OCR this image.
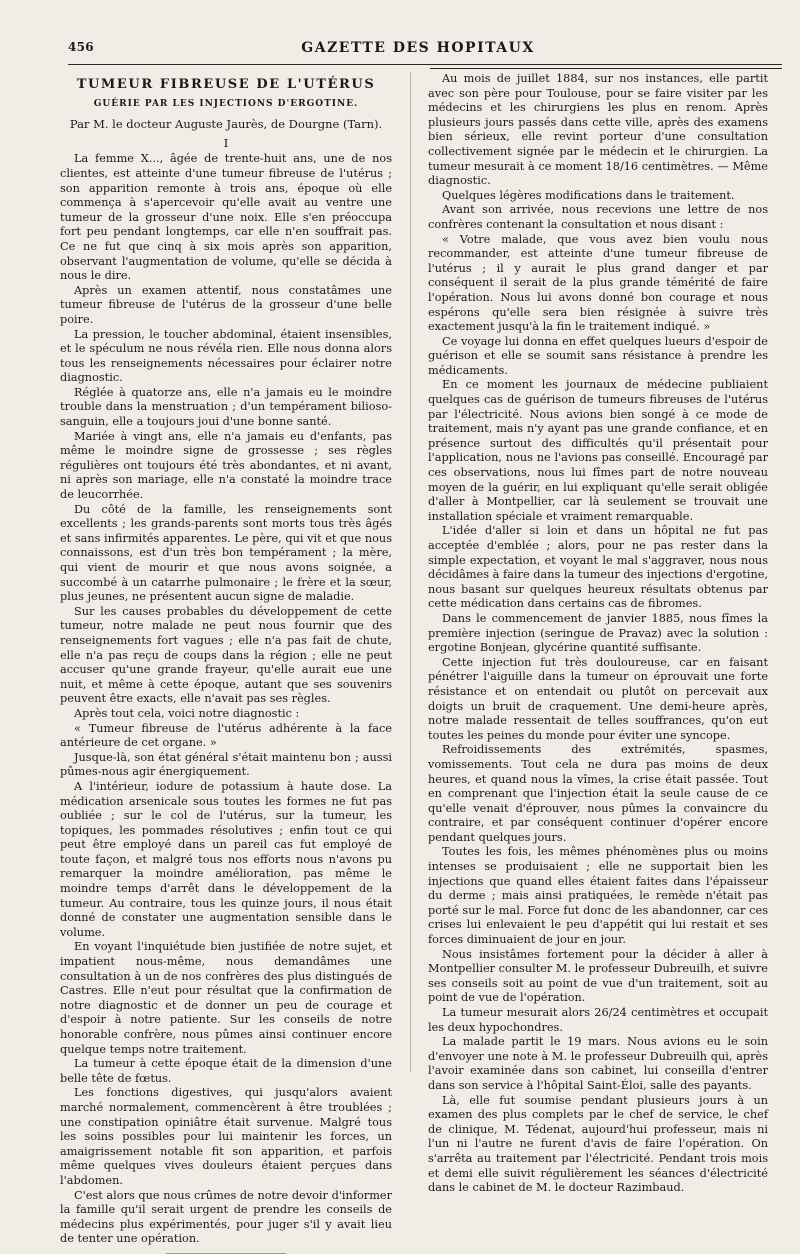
456	GAZETTE DES HOPITAUX
TUMEUR FIBREUSE DE L'UTÉRUS
GUÉRIE PAR LES INJECTIONS D'ERGOTINE.
Par M. le docteur Auguste Jaurès, de Dourgne (Tarn).
I

La femme X..., âgée de trente-huit ans, une de nos clientes, est atteinte d'une tumeur fibreuse de l'utérus ; son apparition remonte à trois ans, époque où elle commença à s'apercevoir qu'elle avait au ventre une tumeur de la grosseur d'une noix. Elle s'en préoccupa fort peu pendant longtemps, car elle n'en souffrait pas. Ce ne fut que cinq à six mois après son apparition, observant l'augmentation de volume, qu'elle se décida à nous le dire.

Après un examen attentif, nous constatâmes une tumeur fibreuse de l'utérus de la grosseur d'une belle poire.

La pression, le toucher abdominal, étaient insensibles, et le spéculum ne nous révéla rien. Elle nous donna alors tous les renseignements nécessaires pour éclairer notre diagnostic.

Réglée à quatorze ans, elle n'a jamais eu le moindre trouble dans la menstruation ; d'un tempérament bilioso-sanguin, elle a toujours joui d'une bonne santé.

Mariée à vingt ans, elle n'a jamais eu d'enfants, pas même le moindre signe de grossesse ; ses règles régulières ont toujours été très abondantes, et ni avant, ni après son mariage, elle n'a constaté la moindre trace de leucorrhée.

Du côté de la famille, les renseignements sont excellents ; les grands-parents sont morts tous très âgés et sans infirmités apparentes. Le père, qui vit et que nous connaissons, est d'un très bon tempérament ; la mère, qui vient de mourir et que nous avons soignée, a succombé à un catarrhe pulmonaire ; le frère et la sœur, plus jeunes, ne présentent aucun signe de maladie.

Sur les causes probables du développement de cette tumeur, notre malade ne peut nous fournir que des renseignements fort vagues ; elle n'a pas fait de chute, elle n'a pas reçu de coups dans la région ; elle ne peut accuser qu'une grande frayeur, qu'elle aurait eue une nuit, et même à cette époque, autant que ses souvenirs peuvent être exacts, elle n'avait pas ses règles.

Après tout cela, voici notre diagnostic :

« Tumeur fibreuse de l'utérus adhérente à la face antérieure de cet organe. »

Jusque-là, son état général s'était maintenu bon ; aussi pûmes-nous agir énergiquement.

A l'intérieur, iodure de potassium à haute dose. La médication arsenicale sous toutes les formes ne fut pas oubliée ; sur le col de l'utérus, sur la tumeur, les topiques, les pommades résolutives ; enfin tout ce qui peut être employé dans un pareil cas fut employé de toute façon, et malgré tous nos efforts nous n'avons pu remarquer la moindre amélioration, pas même le moindre temps d'arrêt dans le développement de la tumeur. Au contraire, tous les quinze jours, il nous était donné de constater une augmentation sensible dans le volume.

En voyant l'inquiétude bien justifiée de notre sujet, et impatient nous-même, nous demandâmes une consultation à un de nos confrères des plus distingués de Castres. Elle n'eut pour résultat que la confirmation de notre diagnostic et de donner un peu de courage et d'espoir à notre patiente. Sur les conseils de notre honorable confrère, nous pûmes ainsi continuer encore quelque temps notre traitement.

La tumeur à cette époque était de la dimension d'une belle tête de fœtus.

Les fonctions digestives, qui jusqu'alors avaient marché normalement, commencèrent à être troublées ; une constipation opiniâtre était survenue. Malgré tous les soins possibles pour lui maintenir les forces, un amaigrissement notable fit son apparition, et parfois même quelques vives douleurs étaient perçues dans l'abdomen.

C'est alors que nous crûmes de notre devoir d'informer la famille qu'il serait urgent de prendre les conseils de médecins plus expérimentés, pour juger s'il y avait lieu de tenter une opération.

Au mois de juillet 1884, sur nos instances, elle partit avec son père pour Toulouse, pour se faire visiter par les médecins et les chirurgiens les plus en renom. Après plusieurs jours passés dans cette ville, après des examens bien sérieux, elle revint porteur d'une consultation collectivement signée par le médecin et le chirurgien. La tumeur mesurait à ce moment 18/16 centimètres. — Même diagnostic.

Quelques légères modifications dans le traitement.

Avant son arrivée, nous recevions une lettre de nos confrères contenant la consultation et nous disant :

« Votre malade, que vous avez bien voulu nous recommander, est atteinte d'une tumeur fibreuse de l'utérus ; il y aurait le plus grand danger et par conséquent il serait de la plus grande témérité de faire l'opération. Nous lui avons donné bon courage et nous espérons qu'elle sera bien résignée à suivre très exactement jusqu'à la fin le traitement indiqué. »

Ce voyage lui donna en effet quelques lueurs d'espoir de guérison et elle se soumit sans résistance à prendre les médicaments.

En ce moment les journaux de médecine publiaient quelques cas de guérison de tumeurs fibreuses de l'utérus par l'électricité. Nous avions bien songé à ce mode de traitement, mais n'y ayant pas une grande confiance, et en présence surtout des difficultés qu'il présentait pour l'application, nous ne l'avions pas conseillé. Encouragé par ces observations, nous lui fîmes part de notre nouveau moyen de la guérir, en lui expliquant qu'elle serait obligée d'aller à Montpellier, car là seulement se trouvait une installation spéciale et vraiment remarquable.

L'idée d'aller si loin et dans un hôpital ne fut pas acceptée d'emblée ; alors, pour ne pas rester dans la simple expectation, et voyant le mal s'aggraver, nous nous décidâmes à faire dans la tumeur des injections d'ergotine, nous basant sur quelques heureux résultats obtenus par cette médication dans certains cas de fibromes.

Dans le commencement de janvier 1885, nous fîmes la première injection (seringue de Pravaz) avec la solution : ergotine Bonjean, glycérine quantité suffisante.

Cette injection fut très douloureuse, car en faisant pénétrer l'aiguille dans la tumeur on éprouvait une forte résistance et on entendait ou plutôt on percevait aux doigts un bruit de craquement. Une demi-heure après, notre malade ressentait de telles souffrances, qu'on eut toutes les peines du monde pour éviter une syncope.

Refroidissements des extrémités, spasmes, vomissements. Tout cela ne dura pas moins de deux heures, et quand nous la vîmes, la crise était passée. Tout en comprenant que l'injection était la seule cause de ce qu'elle venait d'éprouver, nous pûmes la convaincre du contraire, et par conséquent continuer d'opérer encore pendant quelques jours.

Toutes les fois, les mêmes phénomènes plus ou moins intenses se produisaient ; elle ne supportait bien les injections que quand elles étaient faites dans l'épaisseur du derme ; mais ainsi pratiquées, le remède n'était pas porté sur le mal. Force fut donc de les abandonner, car ces crises lui enlevaient le peu d'appétit qui lui restait et ses forces diminuaient de jour en jour.

Nous insistâmes fortement pour la décider à aller à Montpellier consulter M. le professeur Dubreuilh, et suivre ses conseils soit au point de vue d'un traitement, soit au point de vue de l'opération.

La tumeur mesurait alors 26/24 centimètres et occupait les deux hypochondres.

La malade partit le 19 mars. Nous avions eu le soin d'envoyer une note à M. le professeur Dubreuilh qui, après l'avoir examinée dans son cabinet, lui conseilla d'entrer dans son service à l'hôpital Saint-Éloi, salle des payants.

Là, elle fut soumise pendant plusieurs jours à un examen des plus complets par le chef de service, le chef de clinique, M. Tédenat, aujourd'hui professeur, mais ni l'un ni l'autre ne furent d'avis de faire l'opération. On s'arrêta au traitement par l'électricité. Pendant trois mois et demi elle suivit régulièrement les séances d'électricité dans le cabinet de M. le docteur Razimbaud.
